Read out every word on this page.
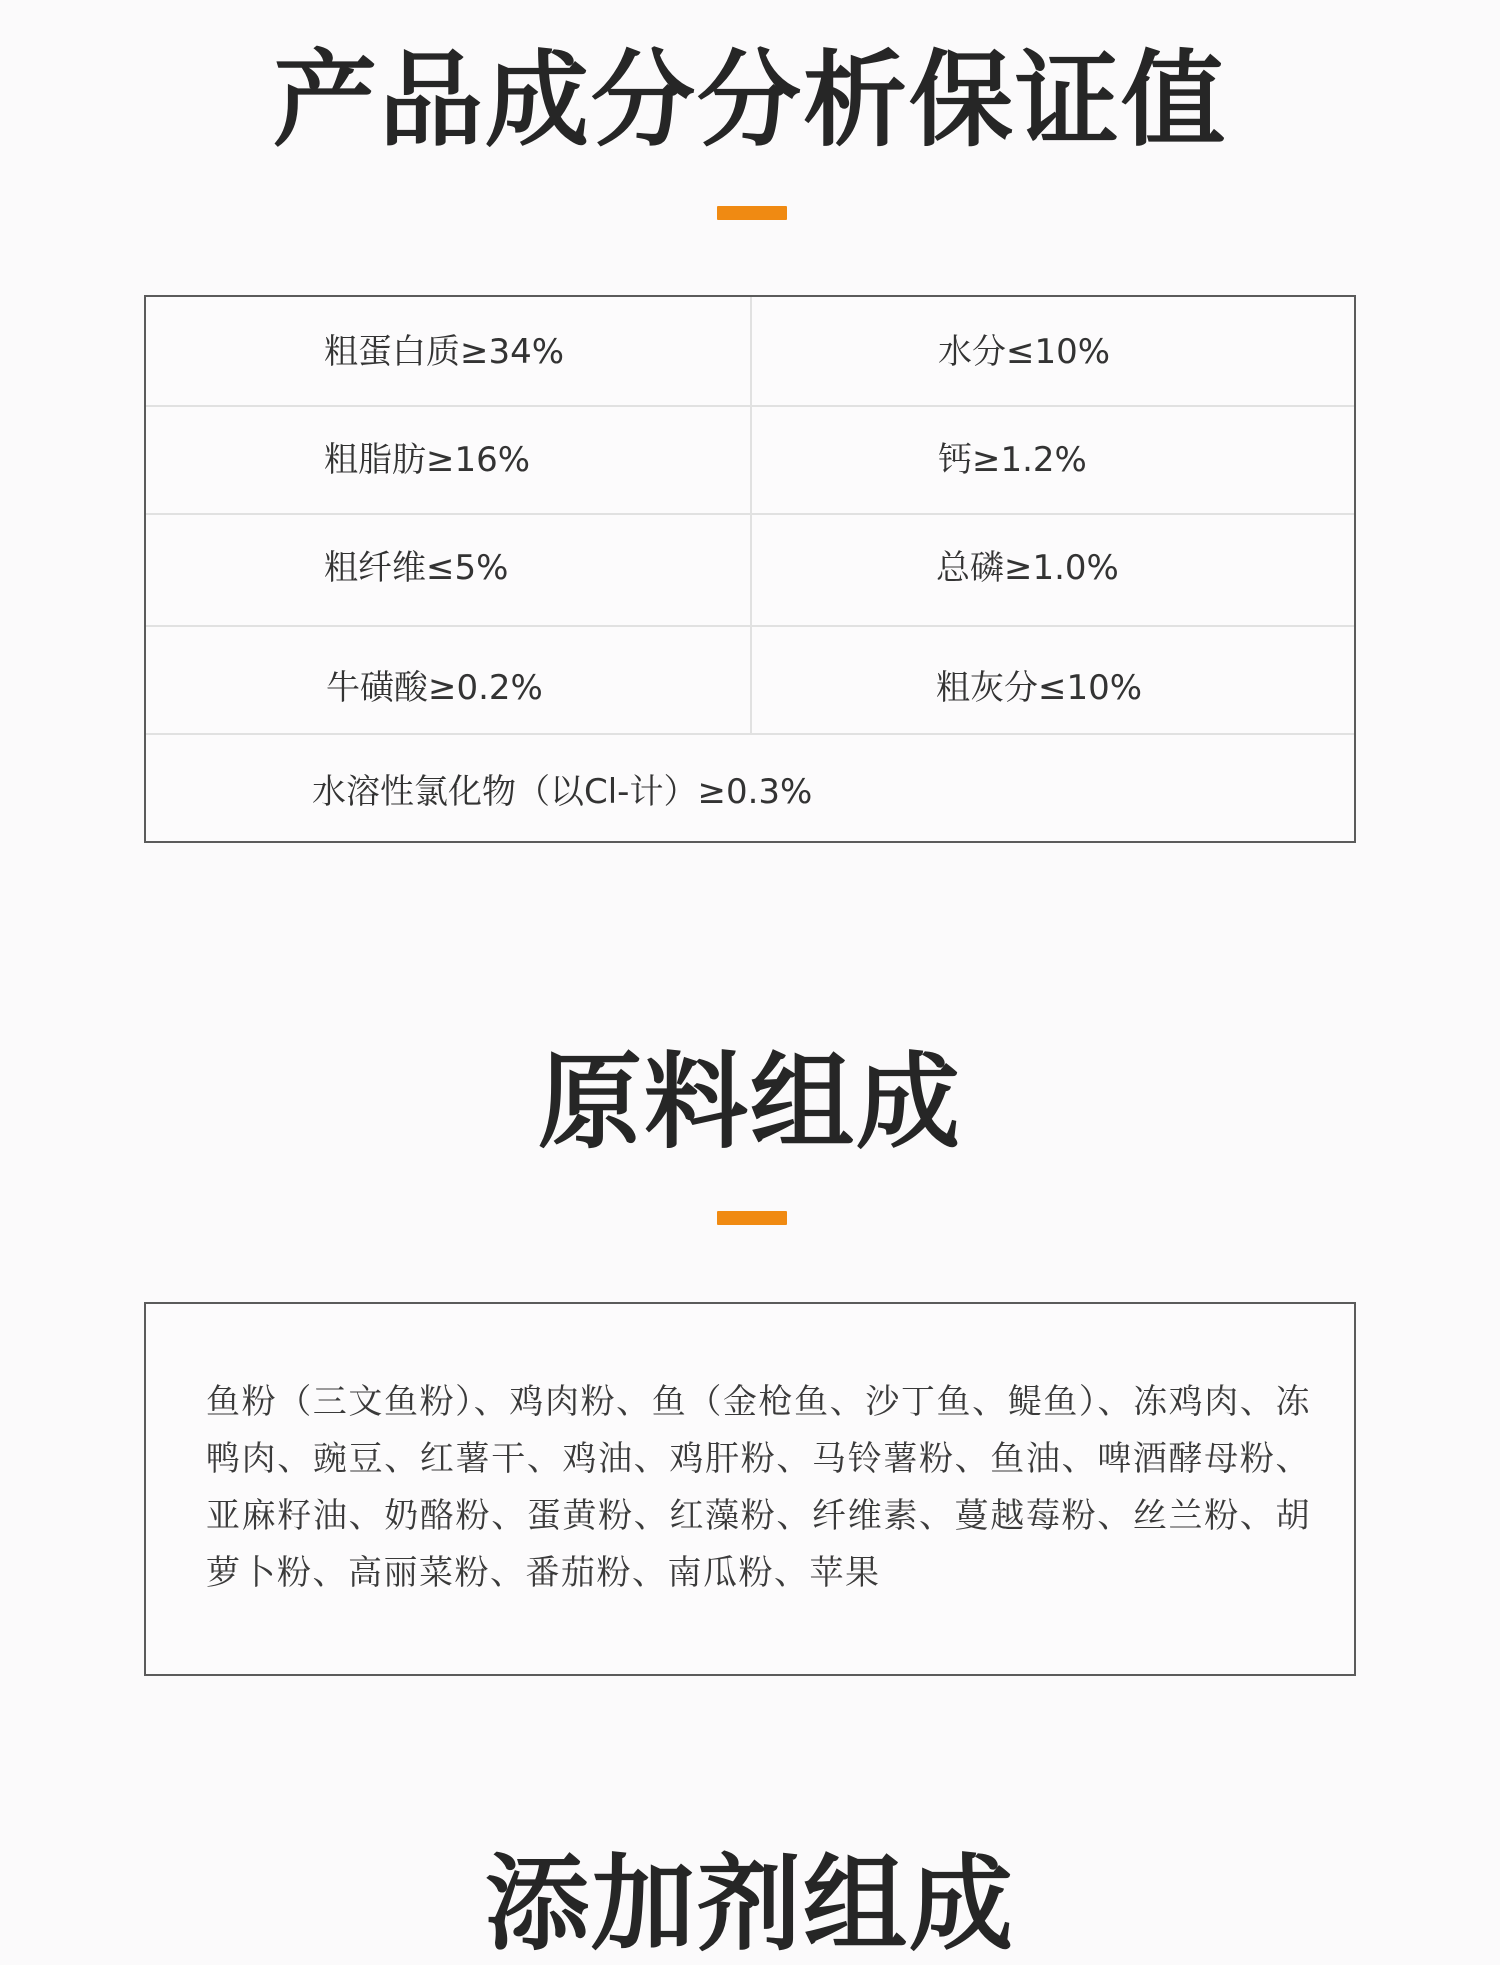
产品成分分析保证值
粗蛋白质≥34%	水分≤10%
粗脂肪≥16%	钙≥1.2%
粗纤维≤5%	总磷≥1.0%
牛磺酸≥0.2%	粗灰分≤10%
水溶性氯化物（以Cl-计）≥0.3%
原料组成
鱼粉（三文鱼粉）、鸡肉粉、鱼（金枪鱼、沙丁鱼、鳀鱼）、冻鸡肉、冻鸭肉、豌豆、红薯干、鸡油、鸡肝粉、马铃薯粉、鱼油、啤酒酵母粉、亚麻籽油、奶酪粉、蛋黄粉、红藻粉、纤维素、蔓越莓粉、丝兰粉、胡萝卜粉、高丽菜粉、番茄粉、南瓜粉、苹果
添加剂组成
